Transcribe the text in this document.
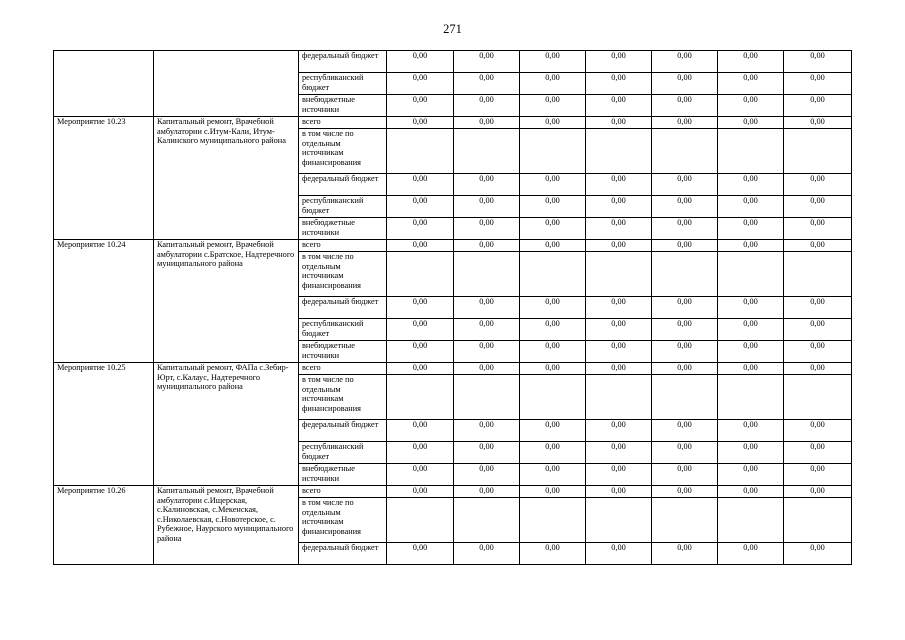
271
		федеральный бюджет	0,00	0,00	0,00	0,00	0,00	0,00	0,00
		республиканский бюджет	0,00	0,00	0,00	0,00	0,00	0,00	0,00
		внебюджетные источники	0,00	0,00	0,00	0,00	0,00	0,00	0,00
Мероприятие 10.23	Капитальный ремонт, Врачебной амбулатории с.Итум-Кали, Итум-Калинского муниципального района	всего	0,00	0,00	0,00	0,00	0,00	0,00	0,00
		в том числе по отдельным источникам финансирования							
		федеральный бюджет	0,00	0,00	0,00	0,00	0,00	0,00	0,00
		республиканский бюджет	0,00	0,00	0,00	0,00	0,00	0,00	0,00
		внебюджетные источники	0,00	0,00	0,00	0,00	0,00	0,00	0,00
Мероприятие 10.24	Капитальный ремонт, Врачебной амбулатории с.Братское, Надтеречного муниципального района	всего	0,00	0,00	0,00	0,00	0,00	0,00	0,00
		в том числе по отдельным источникам финансирования							
		федеральный бюджет	0,00	0,00	0,00	0,00	0,00	0,00	0,00
		республиканский бюджет	0,00	0,00	0,00	0,00	0,00	0,00	0,00
		внебюджетные источники	0,00	0,00	0,00	0,00	0,00	0,00	0,00
Мероприятие 10.25	Капитальный ремонт, ФАПа с.Зебир-Юрт, с.Калаус, Надтеречного муниципального района	всего	0,00	0,00	0,00	0,00	0,00	0,00	0,00
		в том числе по отдельным источникам финансирования							
		федеральный бюджет	0,00	0,00	0,00	0,00	0,00	0,00	0,00
		республиканский бюджет	0,00	0,00	0,00	0,00	0,00	0,00	0,00
		внебюджетные источники	0,00	0,00	0,00	0,00	0,00	0,00	0,00
Мероприятие 10.26	Капитальный ремонт, Врачебной амбулатории с.Ищерская, с.Калиновская, с.Мекенская, с.Николаевская, с.Новотерское, с. Рубежное, Наурского муниципального района	всего	0,00	0,00	0,00	0,00	0,00	0,00	0,00
		в том числе по отдельным источникам финансирования							
		федеральный бюджет	0,00	0,00	0,00	0,00	0,00	0,00	0,00
